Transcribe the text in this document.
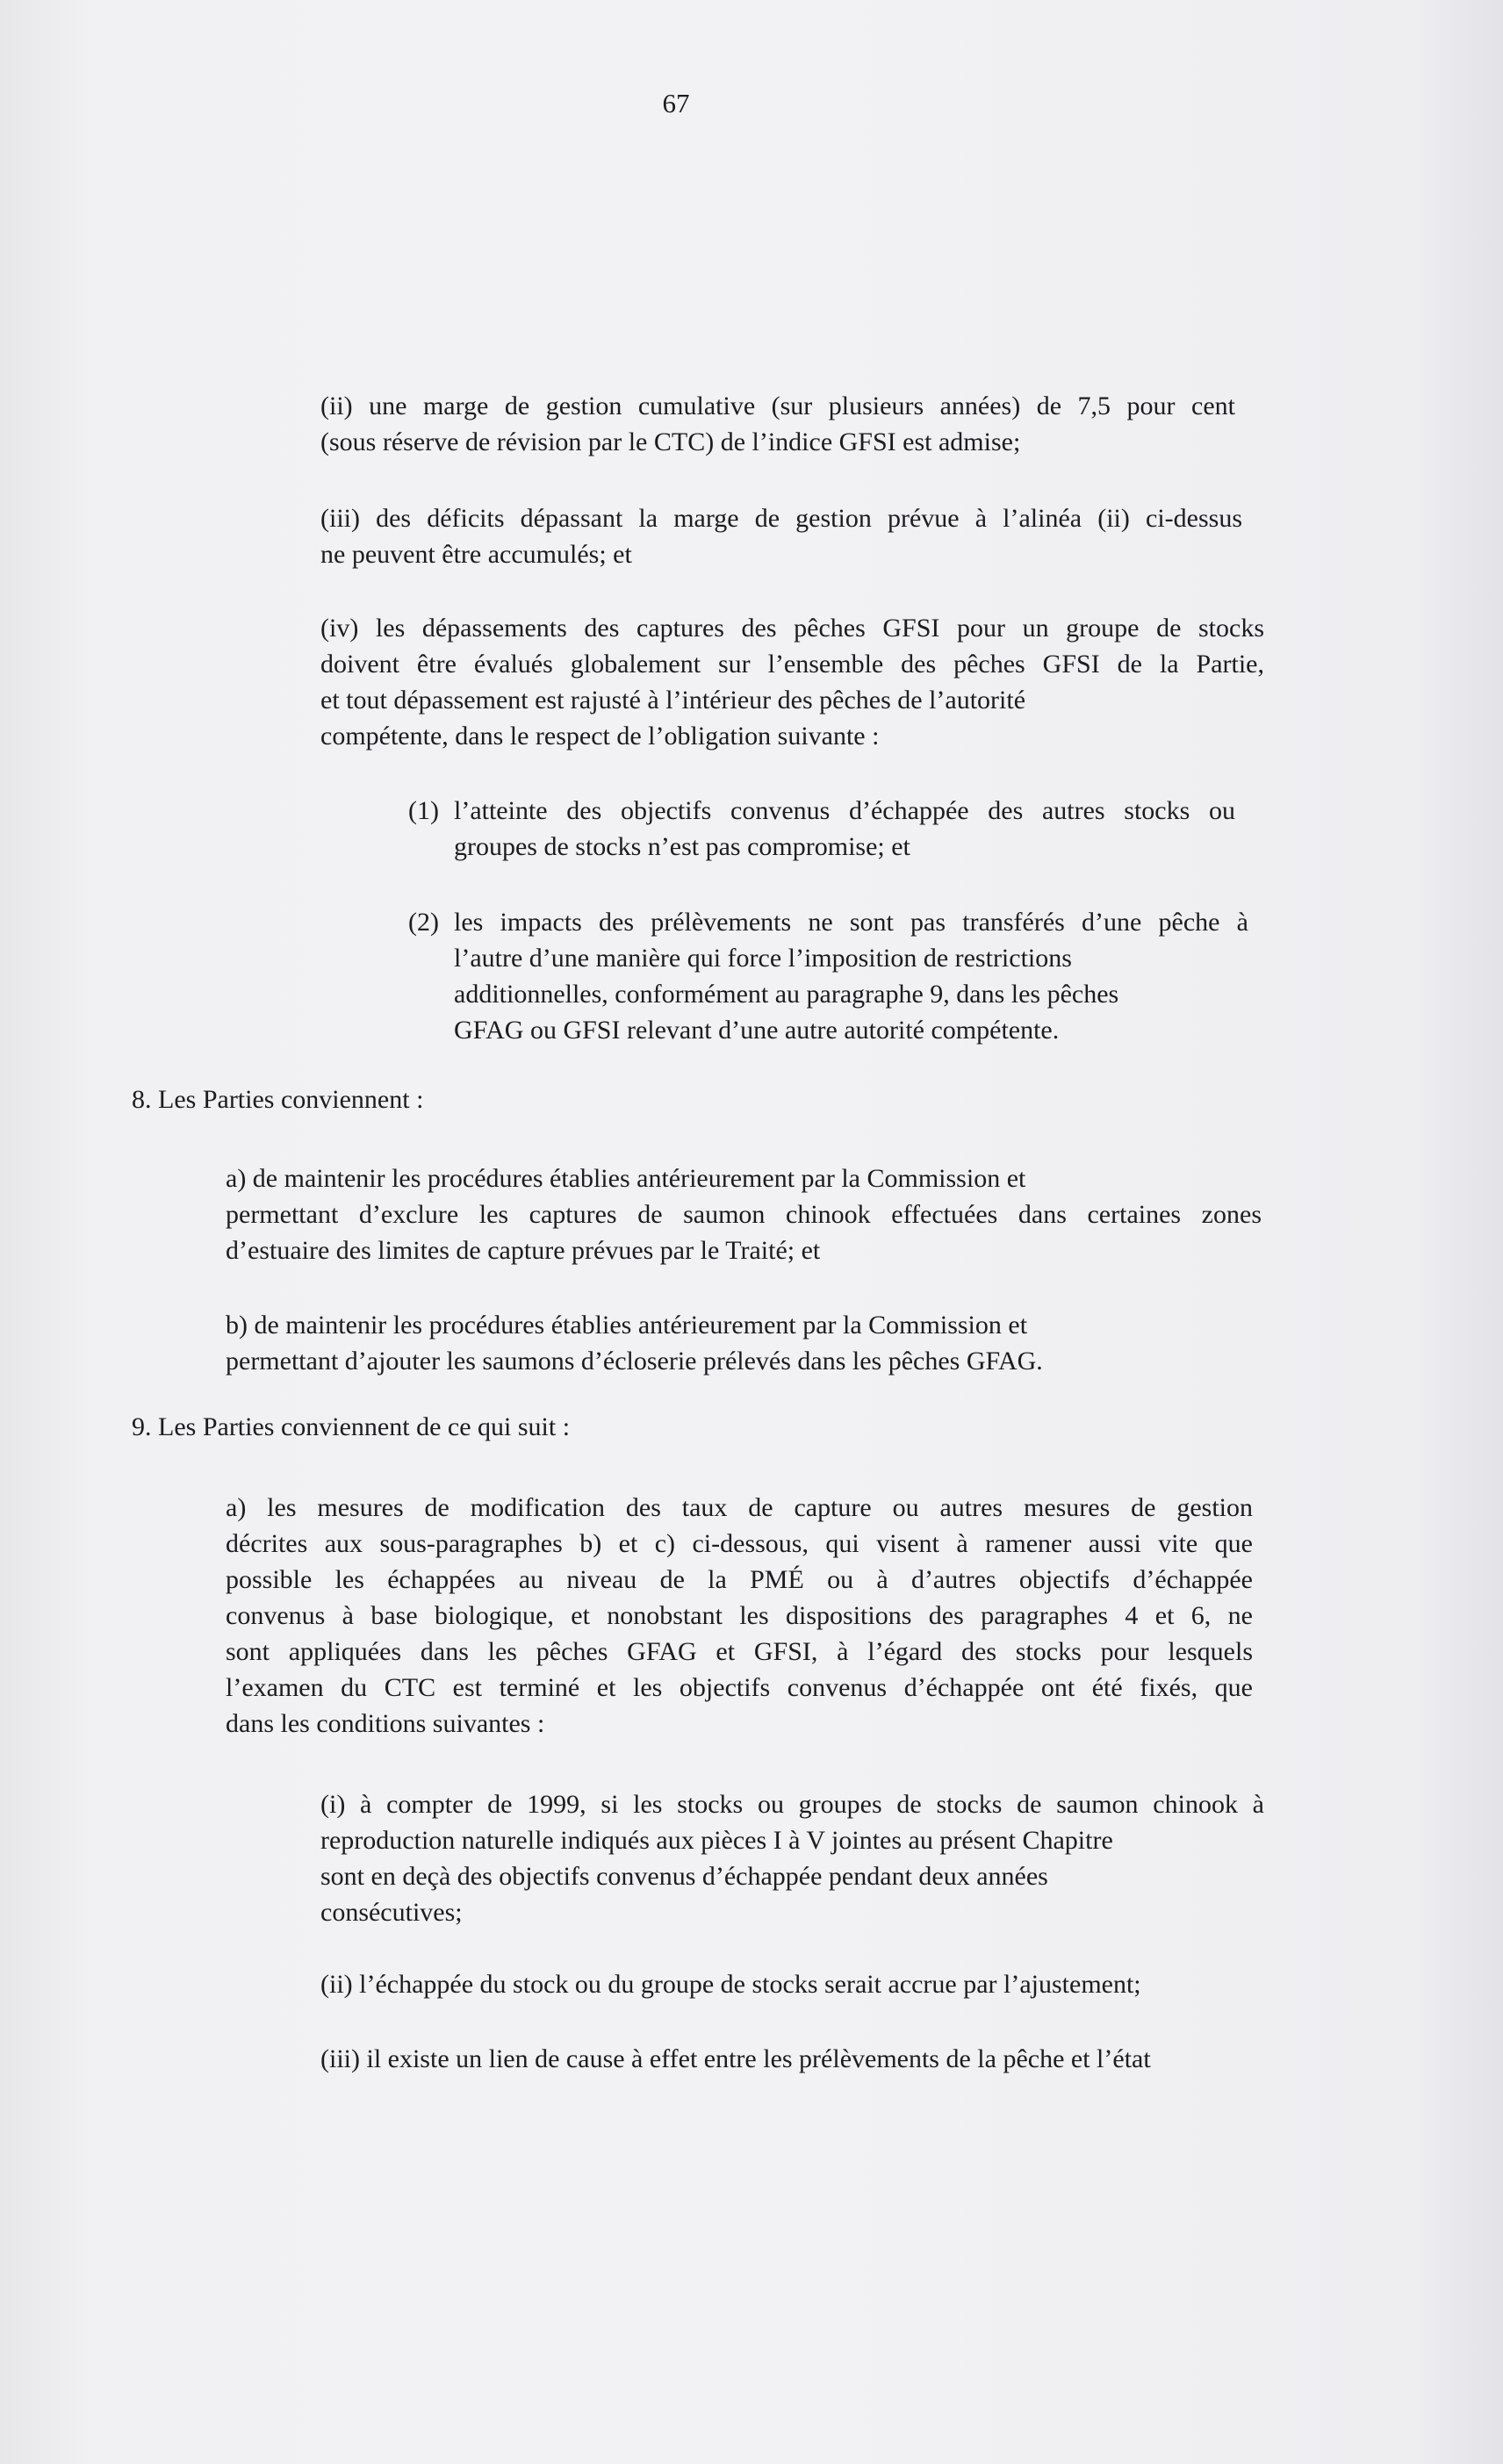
67
(ii) une marge de gestion cumulative (sur plusieurs années) de 7,5 pour cent
(sous réserve de révision par le CTC) de l’indice GFSI est admise;
(iii) des déficits dépassant la marge de gestion prévue à l’alinéa (ii) ci-dessus
ne peuvent être accumulés; et
(iv) les dépassements des captures des pêches GFSI pour un groupe de stocks
doivent être évalués globalement sur l’ensemble des pêches GFSI de la Partie,
et tout dépassement est rajusté à l’intérieur des pêches de l’autorité
compétente, dans le respect de l’obligation suivante :
(1) l’atteinte des objectifs convenus d’échappée des autres stocks ou
groupes de stocks n’est pas compromise; et
(2) les impacts des prélèvements ne sont pas transférés d’une pêche à
l’autre d’une manière qui force l’imposition de restrictions
additionnelles, conformément au paragraphe 9, dans les pêches
GFAG ou GFSI relevant d’une autre autorité compétente.
8. Les Parties conviennent :
a) de maintenir les procédures établies antérieurement par la Commission et
permettant d’exclure les captures de saumon chinook effectuées dans certaines zones
d’estuaire des limites de capture prévues par le Traité; et
b) de maintenir les procédures établies antérieurement par la Commission et
permettant d’ajouter les saumons d’écloserie prélevés dans les pêches GFAG.
9. Les Parties conviennent de ce qui suit :
a) les mesures de modification des taux de capture ou autres mesures de gestion
décrites aux sous-paragraphes b) et c) ci-dessous, qui visent à ramener aussi vite que
possible les échappées au niveau de la PMÉ ou à d’autres objectifs d’échappée
convenus à base biologique, et nonobstant les dispositions des paragraphes 4 et 6, ne
sont appliquées dans les pêches GFAG et GFSI, à l’égard des stocks pour lesquels
l’examen du CTC est terminé et les objectifs convenus d’échappée ont été fixés, que
dans les conditions suivantes :
(i) à compter de 1999, si les stocks ou groupes de stocks de saumon chinook à
reproduction naturelle indiqués aux pièces I à V jointes au présent Chapitre
sont en deçà des objectifs convenus d’échappée pendant deux années
consécutives;
(ii) l’échappée du stock ou du groupe de stocks serait accrue par l’ajustement;
(iii) il existe un lien de cause à effet entre les prélèvements de la pêche et l’état
